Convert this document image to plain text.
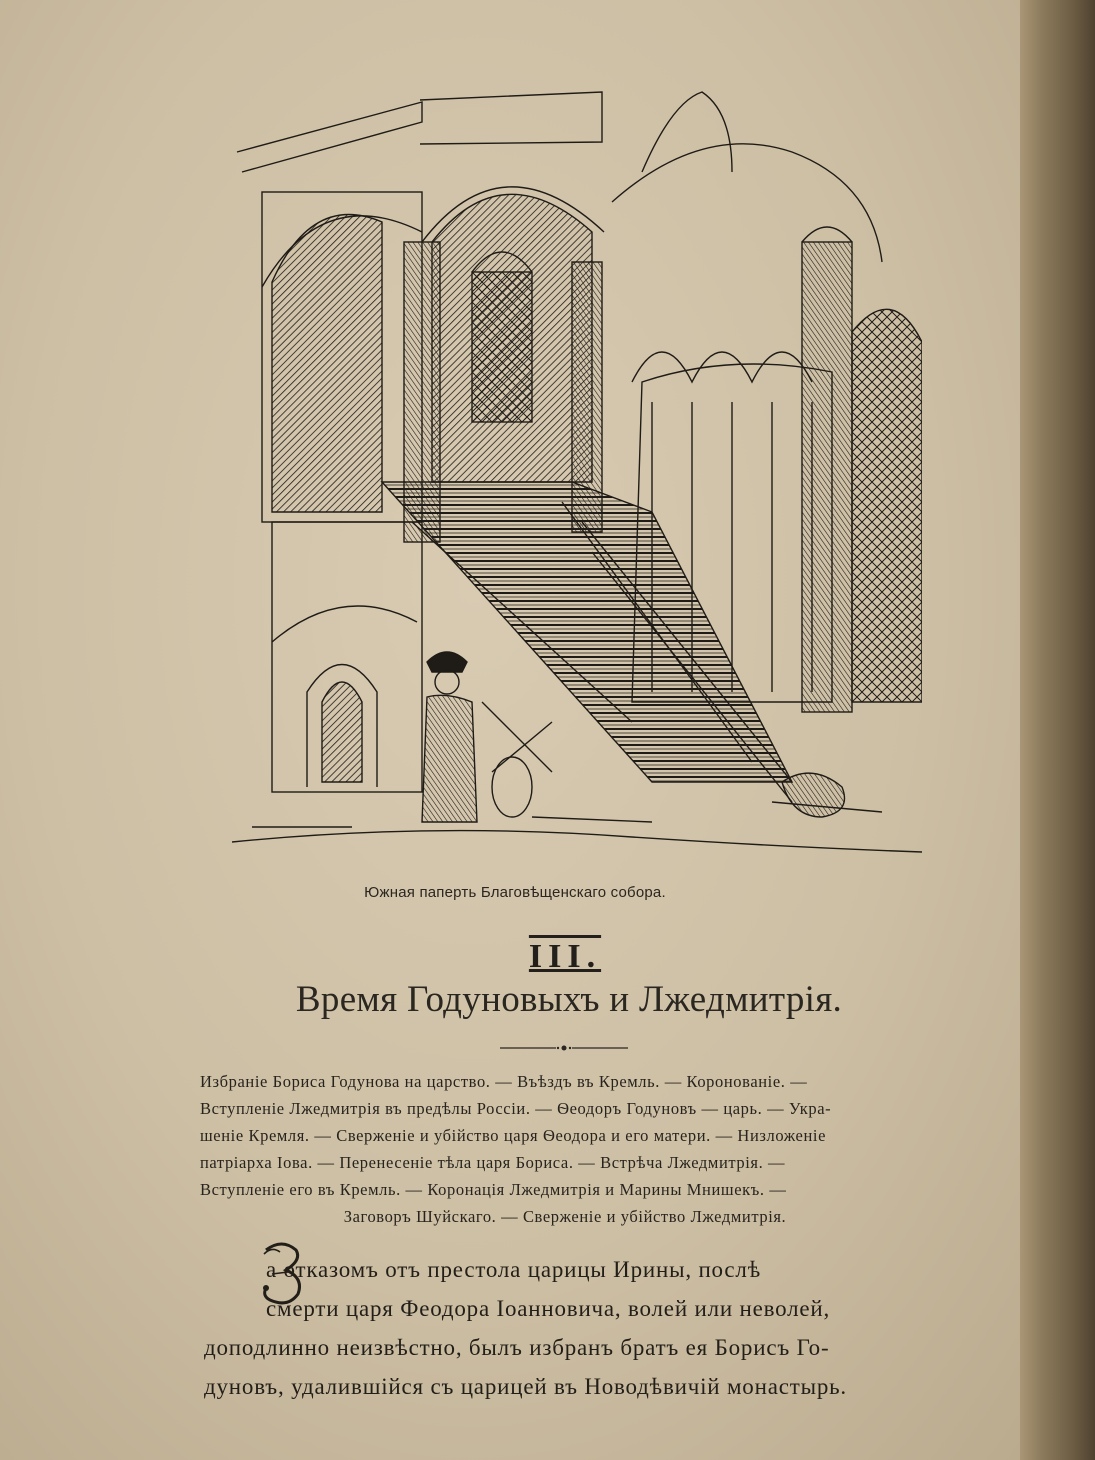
Южная паперть Благовѣщенскаго собора.
III.
Время Годуновыхъ и Лжедмитрія.
Избраніе Бориса Годунова на царство. — Въѣздъ въ Кремль. — Коронованіе. —
Вступленіе Лжедмитрія въ предѣлы Россіи. — Ѳеодоръ Годуновъ — царь. — Укра-
шеніе Кремля. — Сверженіе и убійство царя Ѳеодора и его матери. — Низложеніе
патріарха Іова. — Перенесеніе тѣла царя Бориса. — Встрѣча Лжедмитрія. —
Вступленіе его въ Кремль. — Коронація Лжедмитрія и Марины Мнишекъ. —
Заговоръ Шуйскаго. — Сверженіе и убійство Лжедмитрія.
а отказомъ отъ престола царицы Ирины, послѣ
смерти царя Феодора Іоанновича, волей или неволей,
доподлинно неизвѣстно, былъ избранъ братъ ея Борисъ Го-
дуновъ, удалившійся съ царицей въ Новодѣвичій монастырь.
